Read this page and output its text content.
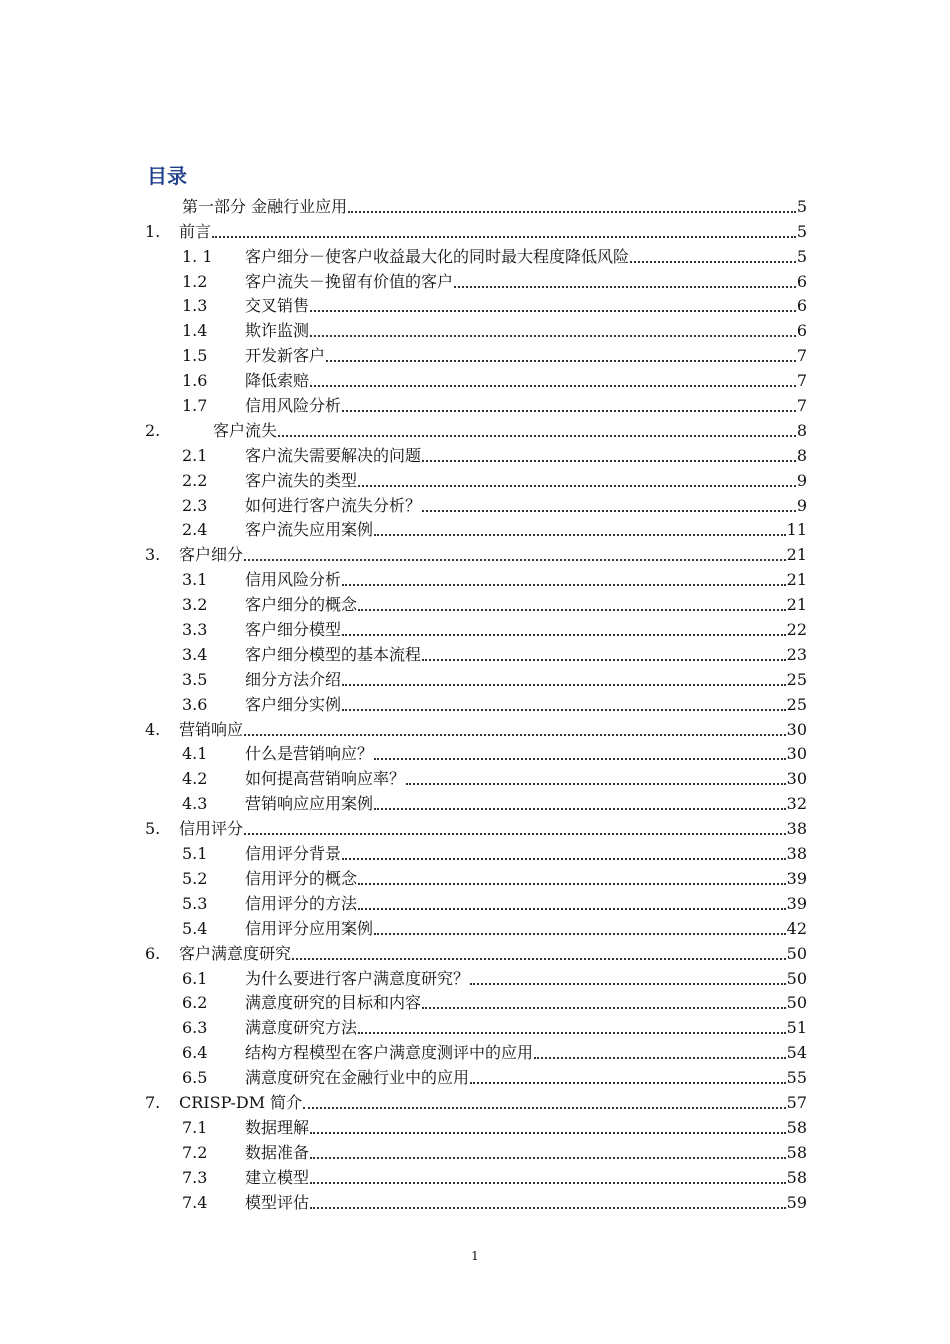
目录
第一部分 金融行业应用	5
1.	前言	5
1. 1	客户细分－使客户收益最大化的同时最大程度降低风险	5
1.2	客户流失－挽留有价值的客户	6
1.3	交叉销售	6
1.4	欺诈监测	6
1.5	开发新客户	7
1.6	降低索赔	7
1.7	信用风险分析	7
2.	客户流失	8
2.1	客户流失需要解决的问题	8
2.2	客户流失的类型	9
2.3	如何进行客户流失分析？	9
2.4	客户流失应用案例	11
3.	客户细分	21
3.1	信用风险分析	21
3.2	客户细分的概念	21
3.3	客户细分模型	22
3.4	客户细分模型的基本流程	23
3.5	细分方法介绍	25
3.6	客户细分实例	25
4.	营销响应	30
4.1	什么是营销响应？	30
4.2	如何提高营销响应率？	30
4.3	营销响应应用案例	32
5.	信用评分	38
5.1	信用评分背景	38
5.2	信用评分的概念	39
5.3	信用评分的方法	39
5.4	信用评分应用案例	42
6.	客户满意度研究	50
6.1	为什么要进行客户满意度研究？	50
6.2	满意度研究的目标和内容	50
6.3	满意度研究方法	51
6.4	结构方程模型在客户满意度测评中的应用	54
6.5	满意度研究在金融行业中的应用	55
7.	CRISP-DM 简介	57
7.1	数据理解	58
7.2	数据准备	58
7.3	建立模型	58
7.4	模型评估	59
1
